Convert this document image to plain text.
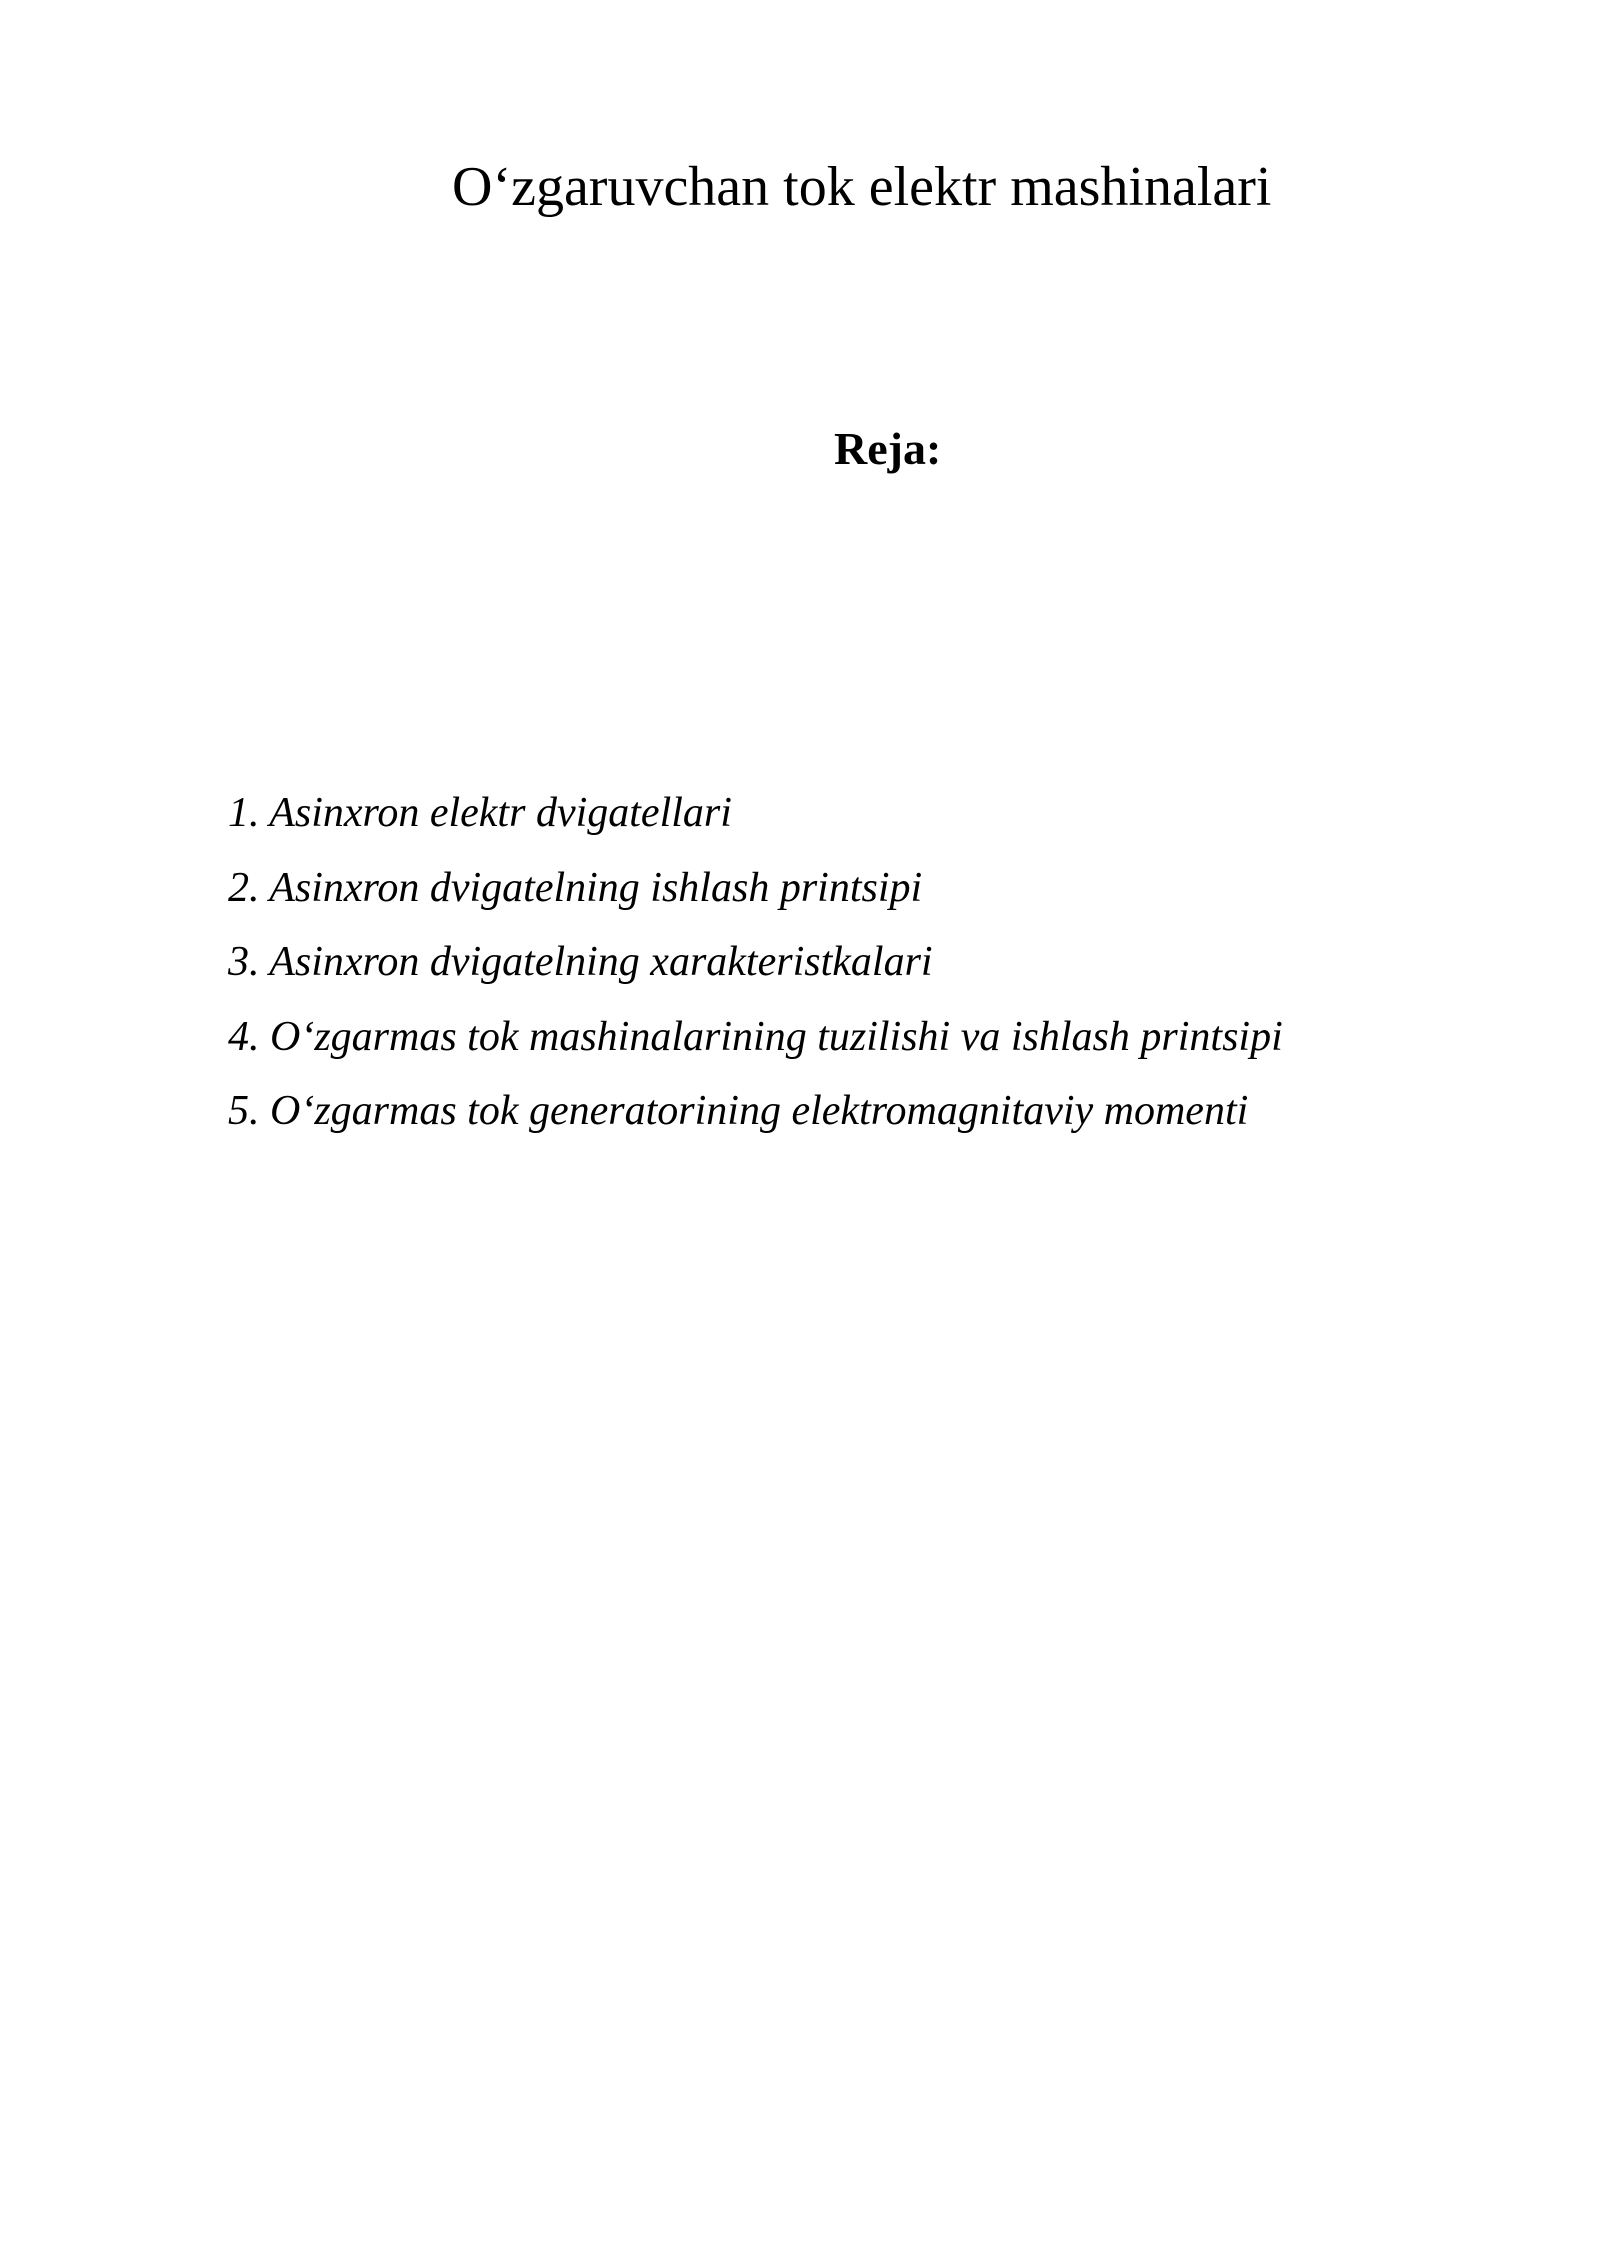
O‘zgaruvchan tok elektr mashinalari
Reja:
1. Asinxron elektr dvigatellari
2. Asinxron dvigatelning ishlash printsipi
3. Asinxron dvigatelning xarakteristkalari
4. O‘zgarmas tok mashinalarining tuzilishi va ishlash printsipi
5. O‘zgarmas tok generatorining elektromagnitaviy momenti
